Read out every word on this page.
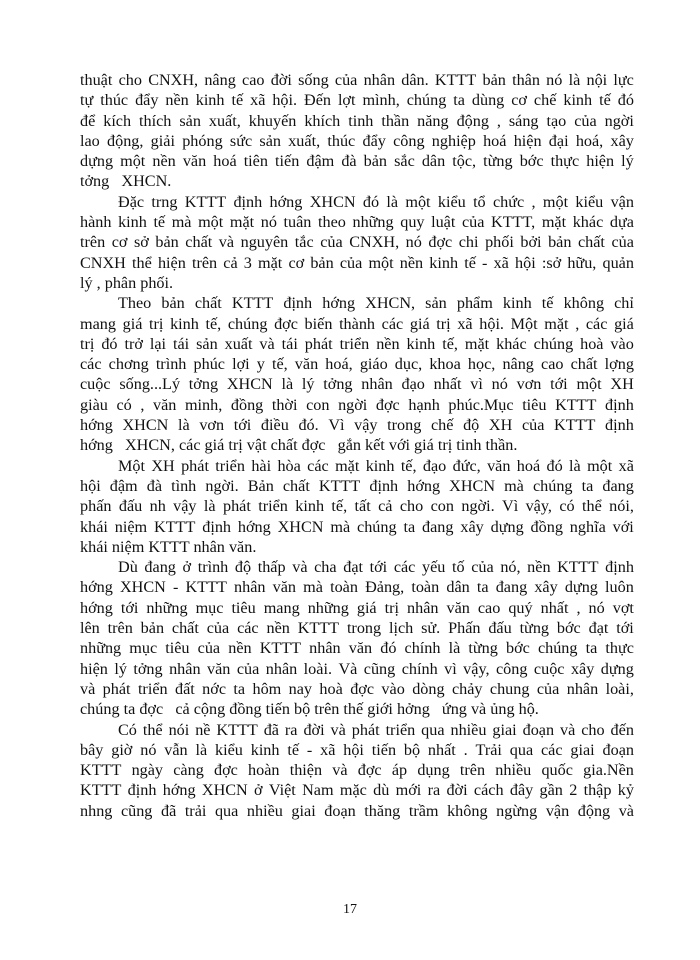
thuật cho CNXH, nâng cao đời sống của nhân dân. KTTT bản thân nó là nội lực
tự thúc đẩy nền kinh tế xã hội. Đến lợt mình, chúng ta dùng cơ chế kinh tế đó
để kích thích sản xuất, khuyến khích tinh thần năng động , sáng tạo của ngời
lao động, giải phóng sức sản xuất, thúc đẩy công nghiệp hoá hiện đại hoá, xây
dựng một nền văn hoá tiên tiến đậm đà bản sắc dân tộc, từng bớc thực hiện lý
tởng   XHCN.
Đặc trng KTTT định hớng XHCN đó là một kiểu tổ chức , một kiểu vận
hành kinh tế mà một mặt nó tuân theo những quy luật của KTTT, mặt khác dựa
trên cơ sở bản chất và nguyên tắc của CNXH, nó đợc chi phối bởi bản chất của
CNXH thể hiện trên cả 3 mặt cơ bản của một nền kinh tế - xã hội :sở hữu, quản
lý , phân phối.
Theo bản chất KTTT định hớng XHCN, sản phẩm kinh tế không chỉ
mang giá trị kinh tế, chúng đợc biến thành các giá trị xã hội. Một mặt , các giá
trị đó trở lại tái sản xuất và tái phát triển nền kinh tế, mặt khác chúng hoà vào
các chơng trình phúc lợi y tế, văn hoá, giáo dục, khoa học, nâng cao chất lợng
cuộc sống...Lý tởng XHCN là lý tởng nhân đạo nhất vì nó vơn tới một XH
giàu có , văn minh, đồng thời con ngời đợc hạnh phúc.Mục tiêu KTTT định
hớng XHCN là vơn tới điều đó. Vì vậy trong chế độ XH của KTTT định
hớng   XHCN, các giá trị vật chất đợc   gắn kết với giá trị tinh thần.
Một XH phát triển hài hòa các mặt kinh tế, đạo đức, văn hoá đó là một xã
hội đậm đà tình ngời. Bản chất KTTT định hớng XHCN mà chúng ta đang
phấn đấu nh vậy là phát triển kinh tế, tất cả cho con ngời. Vì vậy, có thể nói,
khái niệm KTTT định hớng XHCN mà chúng ta đang xây dựng đồng nghĩa với
khái niệm KTTT nhân văn.
Dù đang ở trình độ thấp và cha đạt tới các yếu tố của nó, nền KTTT định
hớng XHCN - KTTT nhân văn mà toàn Đảng, toàn dân ta đang xây dựng luôn
hớng tới những mục tiêu mang những giá trị nhân văn cao quý nhất , nó vợt
lên trên bản chất của các nền KTTT trong lịch sử. Phấn đấu từng bớc đạt tới
những mục tiêu của nền KTTT nhân văn đó chính là từng bớc chúng ta thực
hiện lý tởng nhân văn của nhân loài. Và cũng chính vì vậy, công cuộc xây dựng
và phát triển đất nớc ta hôm nay hoà đợc vào dòng chảy chung của nhân loài,
chúng ta đợc   cả cộng đồng tiến bộ trên thế giới hởng   ứng và ủng hộ.
Có thể nói nề KTTT đã ra đời và phát triển qua nhiều giai đoạn và cho đến
bây giờ nó vẫn là kiểu kinh tế - xã hội tiến bộ nhất . Trải qua các giai đoạn
KTTT ngày càng đợc hoàn thiện và đợc áp dụng trên nhiều quốc gia.Nền
KTTT định hớng XHCN ở Việt Nam mặc dù mới ra đời cách đây gần 2 thập kỷ
nhng cũng đã trải qua nhiều giai đoạn thăng trầm không ngừng vận động và
17
